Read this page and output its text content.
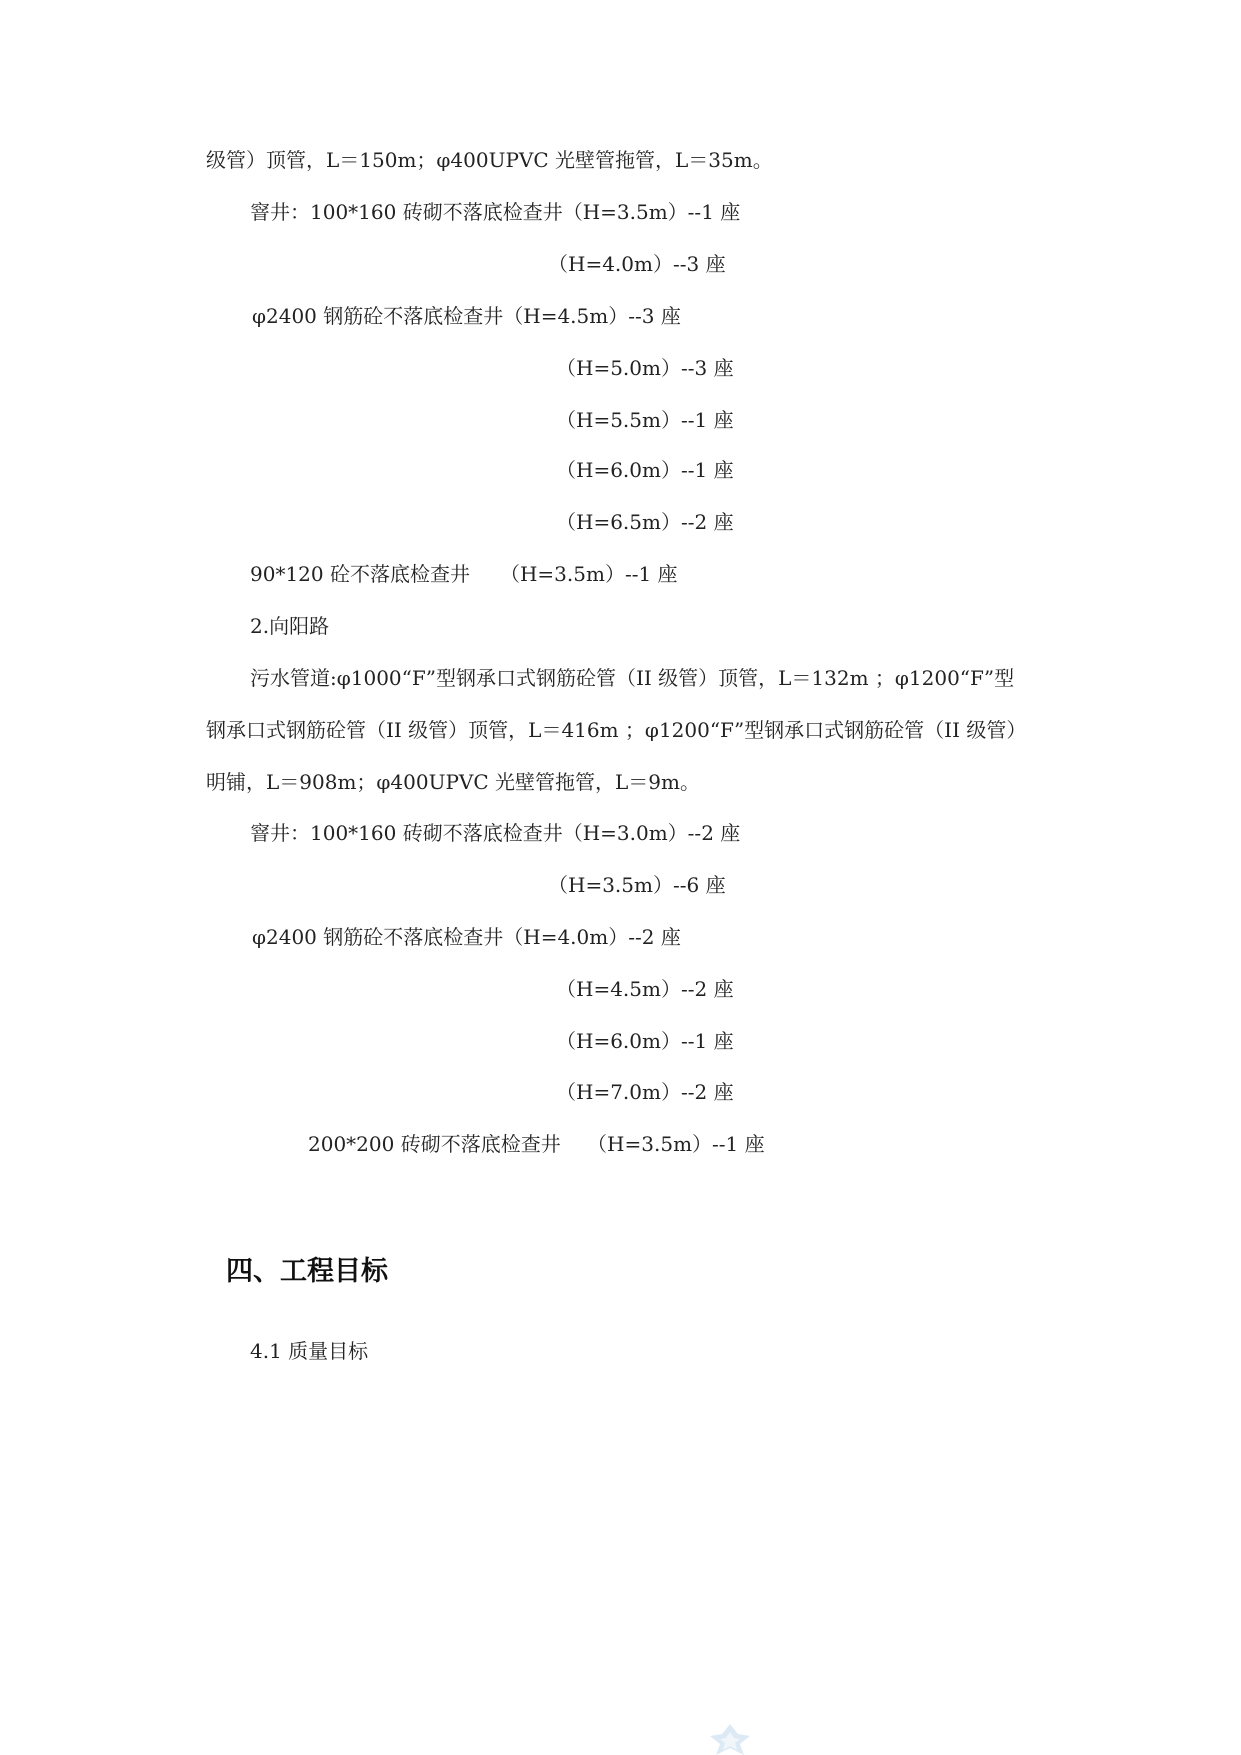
级管）顶管，L＝150m；φ400UPVC 光壁管拖管，L＝35m。
窨井：100*160 砖砌不落底检查井（H=3.5m）--1 座
（H=4.0m）--3 座
φ2400 钢筋砼不落底检查井（H=4.5m）--3 座
（H=5.0m）--3 座
（H=5.5m）--1 座
（H=6.0m）--1 座
（H=6.5m）--2 座
90*120 砼不落底检查井　　（H=3.5m）--1 座
2.向阳路
污水管道:φ1000“F”型钢承口式钢筋砼管（II 级管）顶管，L＝132m ；φ1200“F”型
钢承口式钢筋砼管（II 级管）顶管，L＝416m ；φ1200“F”型钢承口式钢筋砼管（II 级管）
明铺，L＝908m；φ400UPVC 光壁管拖管，L＝9m。
窨井：100*160 砖砌不落底检查井（H=3.0m）--2 座
（H=3.5m）--6 座
φ2400 钢筋砼不落底检查井（H=4.0m）--2 座
（H=4.5m）--2 座
（H=6.0m）--1 座
（H=7.0m）--2 座
200*200 砖砌不落底检查井　 （H=3.5m）--1 座
四、工程目标
4.1 质量目标
